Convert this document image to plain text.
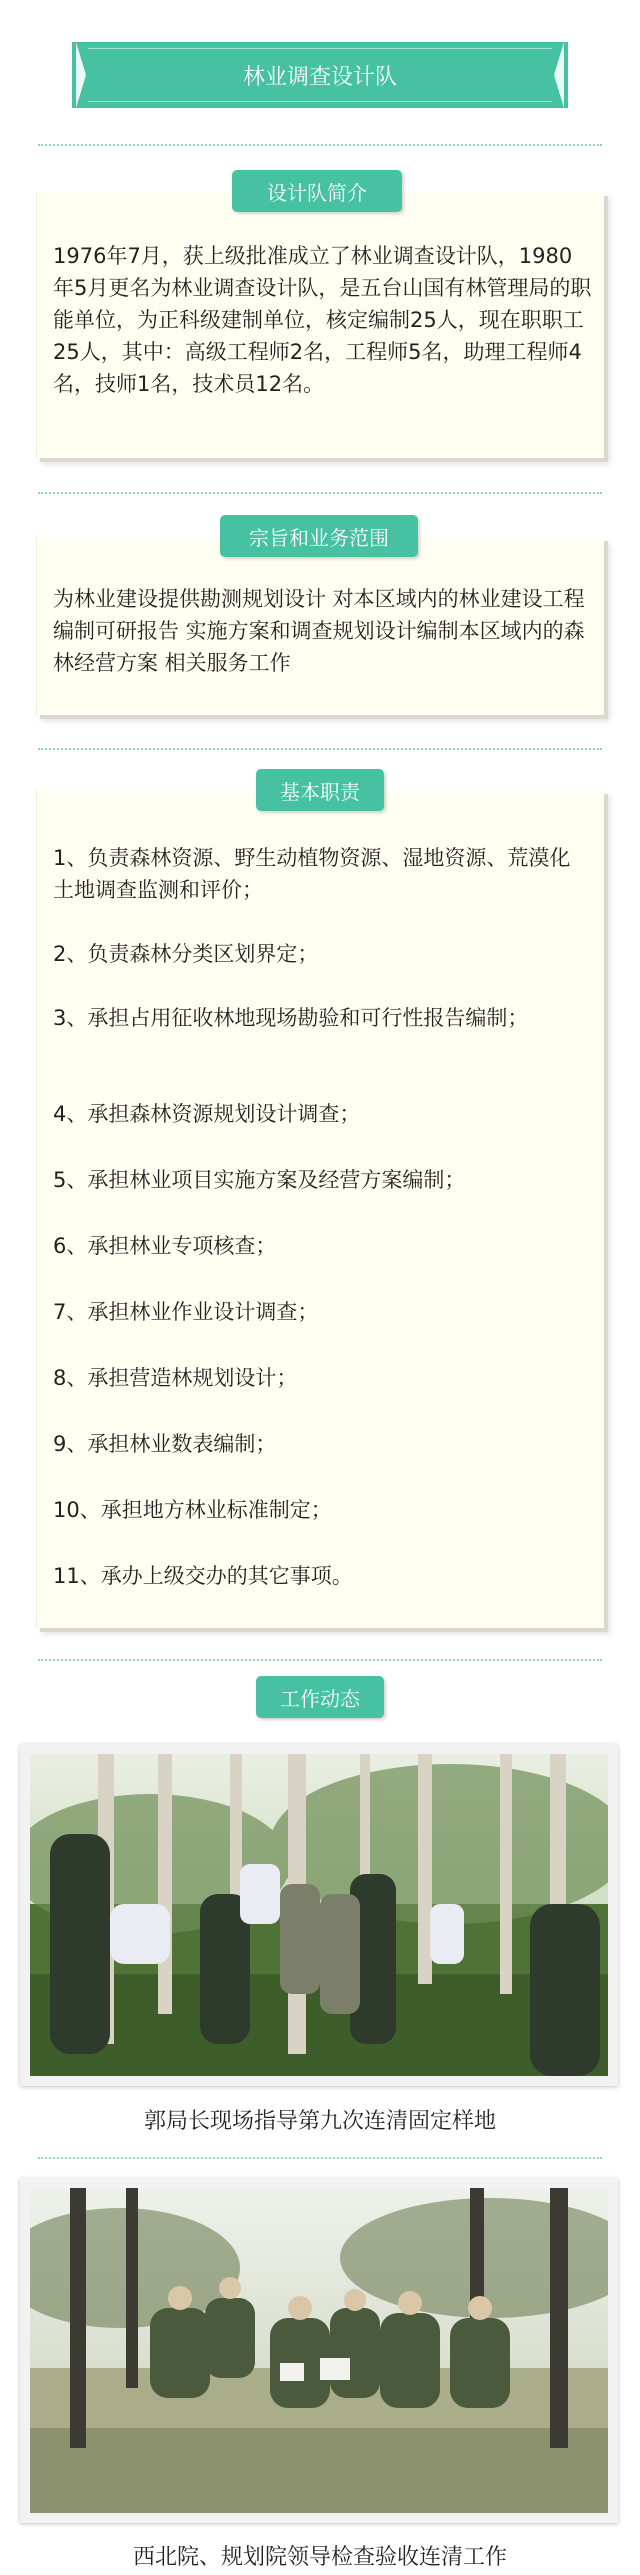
林业调查设计队

1976年7月，获上级批准成立了林业调查设计队，1980年5月更名为林业调查设计队，是五台山国有林管理局的职能单位，为正科级建制单位，核定编制25人，现在职职工25人，其中：高级工程师2名，工程师5名，助理工程师4名，技师1名，技术员12名。

设计队简介

为林业建设提供勘测规划设计 对本区域内的林业建设工程编制可研报告 实施方案和调查规划设计编制本区域内的森林经营方案 相关服务工作

宗旨和业务范围

1、负责森林资源、野生动植物资源、湿地资源、荒漠化土地调查监测和评价；

2、负责森林分类区划界定；

3、承担占用征收林地现场勘验和可行性报告编制；

4、承担森林资源规划设计调查；

5、承担林业项目实施方案及经营方案编制；

6、承担林业专项核查；

7、承担林业作业设计调查；

8、承担营造林规划设计；

9、承担林业数表编制；

10、承担地方林业标准制定；

11、承办上级交办的其它事项。

基本职责
工作动态
郭局长现场指导第九次连清固定样地
西北院、规划院领导检查验收连清工作
